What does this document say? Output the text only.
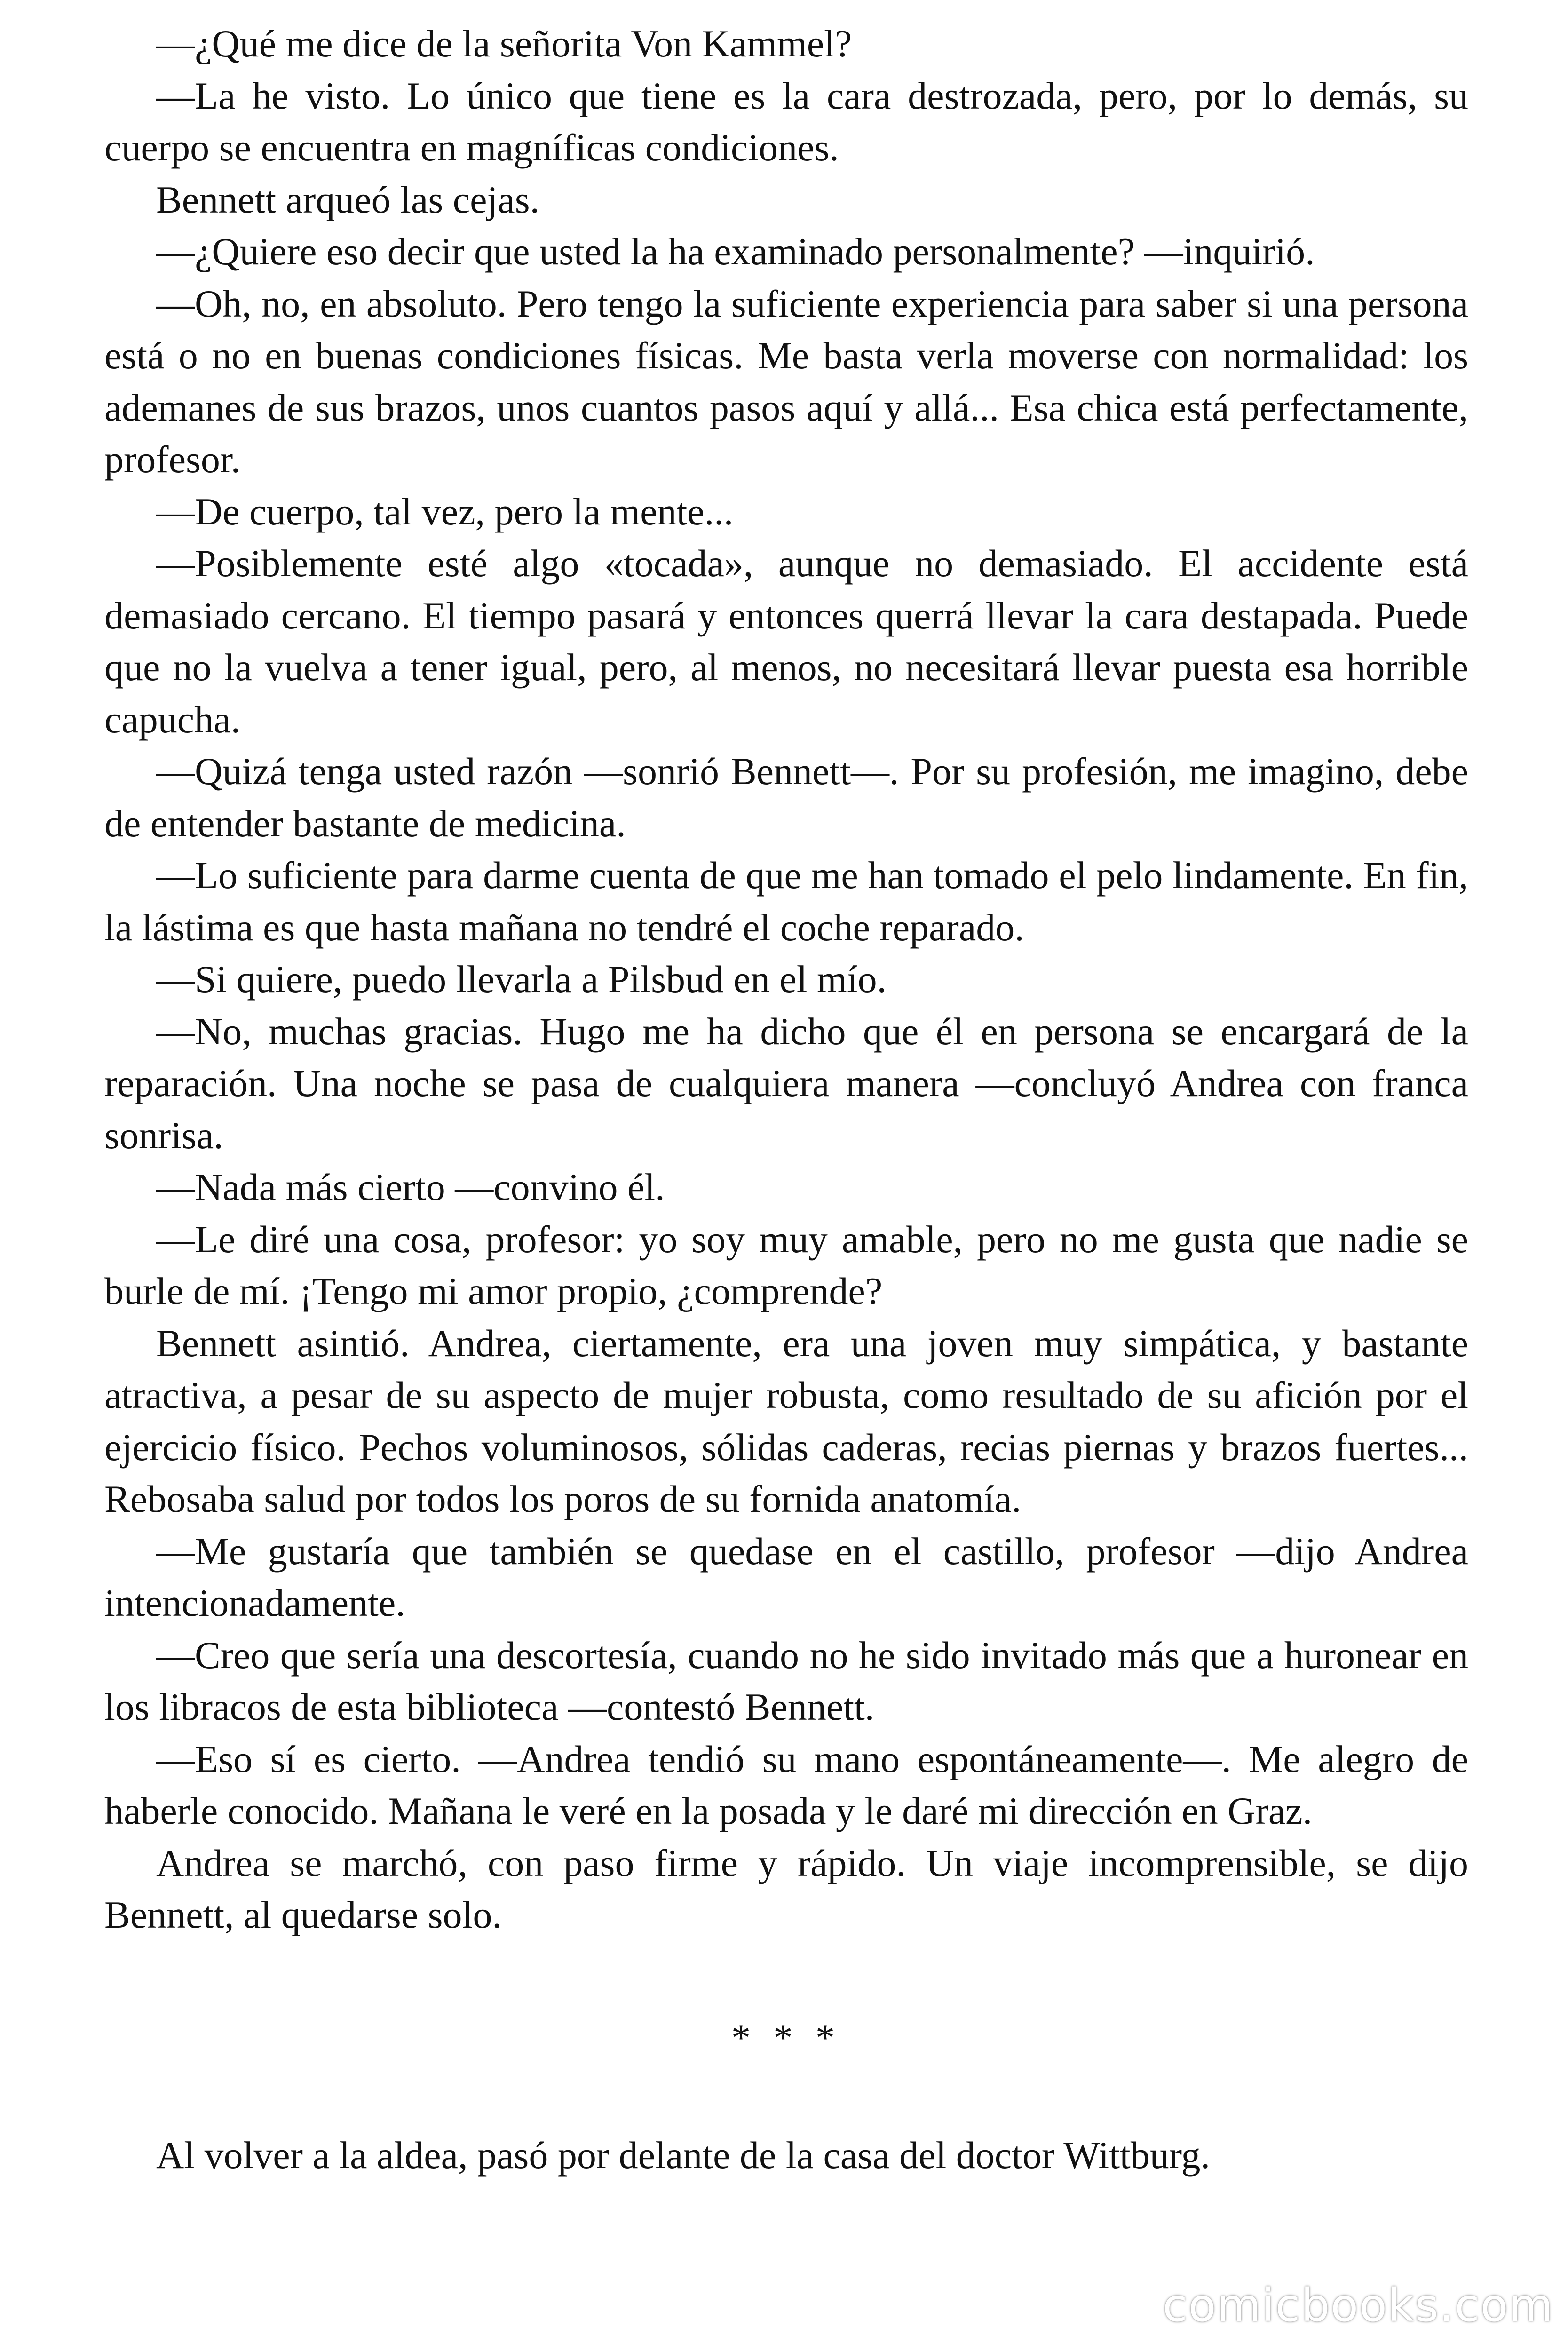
—¿Qué me dice de la señorita Von Kammel?

—La he visto. Lo único que tiene es la cara destrozada, pero, por lo demás, su cuerpo se encuentra en magníficas condiciones.

Bennett arqueó las cejas.

—¿Quiere eso decir que usted la ha examinado personalmente? —inquirió.

—Oh, no, en absoluto. Pero tengo la suficiente experiencia para saber si una persona está o no en buenas condiciones físicas. Me basta verla moverse con normalidad: los ademanes de sus brazos, unos cuantos pasos aquí y allá... Esa chica está perfectamente, profesor.

—De cuerpo, tal vez, pero la mente...

—Posiblemente esté algo «tocada», aunque no demasiado. El accidente está demasiado cercano. El tiempo pasará y entonces querrá llevar la cara destapada. Puede que no la vuelva a tener igual, pero, al menos, no necesitará llevar puesta esa horrible capucha.

—Quizá tenga usted razón —sonrió Bennett—. Por su profesión, me imagino, debe de entender bastante de medicina.

—Lo suficiente para darme cuenta de que me han tomado el pelo lindamente. En fin, la lástima es que hasta mañana no tendré el coche reparado.

—Si quiere, puedo llevarla a Pilsbud en el mío.

—No, muchas gracias. Hugo me ha dicho que él en persona se encargará de la reparación. Una noche se pasa de cualquiera manera —concluyó Andrea con franca sonrisa.

—Nada más cierto —convino él.

—Le diré una cosa, profesor: yo soy muy amable, pero no me gusta que nadie se burle de mí. ¡Tengo mi amor propio, ¿comprende?

Bennett asintió. Andrea, ciertamente, era una joven muy simpática, y bastante atractiva, a pesar de su aspecto de mujer robusta, como resultado de su afición por el ejercicio físico. Pechos voluminosos, sólidas caderas, recias piernas y brazos fuertes... Rebosaba salud por todos los poros de su fornida anatomía.

—Me gustaría que también se quedase en el castillo, profesor —dijo Andrea intencionadamente.

—Creo que sería una descortesía, cuando no he sido invitado más que a huronear en los libracos de esta biblioteca —contestó Bennett.

—Eso sí es cierto. —Andrea tendió su mano espontáneamente—. Me alegro de haberle conocido. Mañana le veré en la posada y le daré mi dirección en Graz.

Andrea se marchó, con paso firme y rápido. Un viaje incomprensible, se dijo Bennett, al quedarse solo.

* * *

Al volver a la aldea, pasó por delante de la casa del doctor Wittburg.

comicbooks.com
